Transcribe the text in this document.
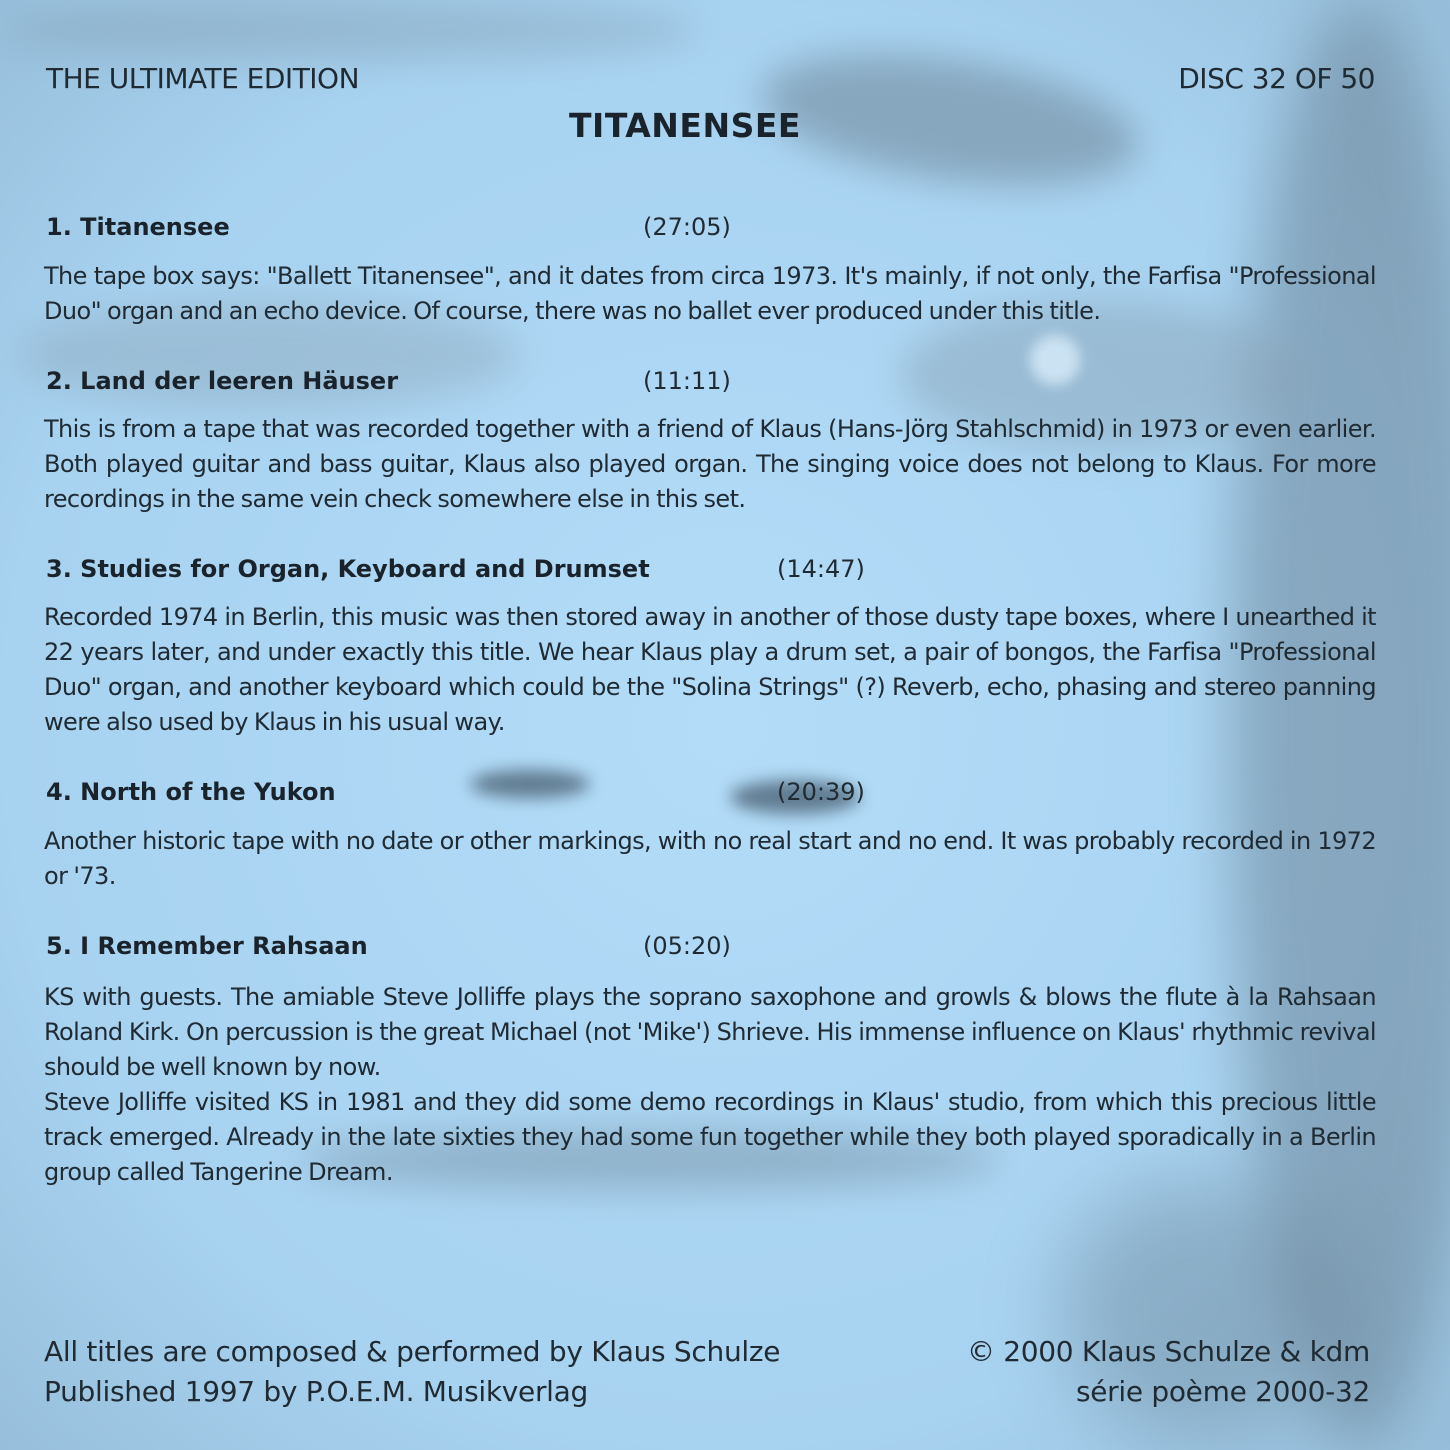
THE ULTIMATE EDITION	DISC 32 OF 50
TITANENSEE
1. Titanensee	(27:05)

The tape box says: "Ballett Titanensee", and it dates from circa 1973. It's mainly, if not only, the Farfisa "Professional Duo" organ and an echo device. Of course, there was no ballet ever produced under this title.

2. Land der leeren Häuser	(11:11)

This is from a tape that was recorded together with a friend of Klaus (Hans-Jörg Stahlschmid) in 1973 or even earlier. Both played guitar and bass guitar, Klaus also played organ. The singing voice does not belong to Klaus. For more recordings in the same vein check somewhere else in this set.

3. Studies for Organ, Keyboard and Drumset	(14:47)

Recorded 1974 in Berlin, this music was then stored away in another of those dusty tape boxes, where I unearthed it 22 years later, and under exactly this title. We hear Klaus play a drum set, a pair of bongos, the Farfisa "Professional Duo" organ, and another keyboard which could be the "Solina Strings" (?) Reverb, echo, phasing and stereo panning were also used by Klaus in his usual way.

4. North of the Yukon	(20:39)

Another historic tape with no date or other markings, with no real start and no end. It was probably recorded in 1972 or '73.

5. I Remember Rahsaan	(05:20)

KS with guests. The amiable Steve Jolliffe plays the soprano saxophone and growls & blows the flute à la Rahsaan Roland Kirk. On percussion is the great Michael (not 'Mike') Shrieve. His immense influence on Klaus' rhythmic revival should be well known by now.

Steve Jolliffe visited KS in 1981 and they did some demo recordings in Klaus' studio, from which this precious little track emerged. Already in the late sixties they had some fun together while they both played sporadically in a Berlin group called Tangerine Dream.

All titles are composed & performed by Klaus Schulze
Published 1997 by P.O.E.M. Musikverlag
© 2000 Klaus Schulze & kdm
série poème 2000-32
